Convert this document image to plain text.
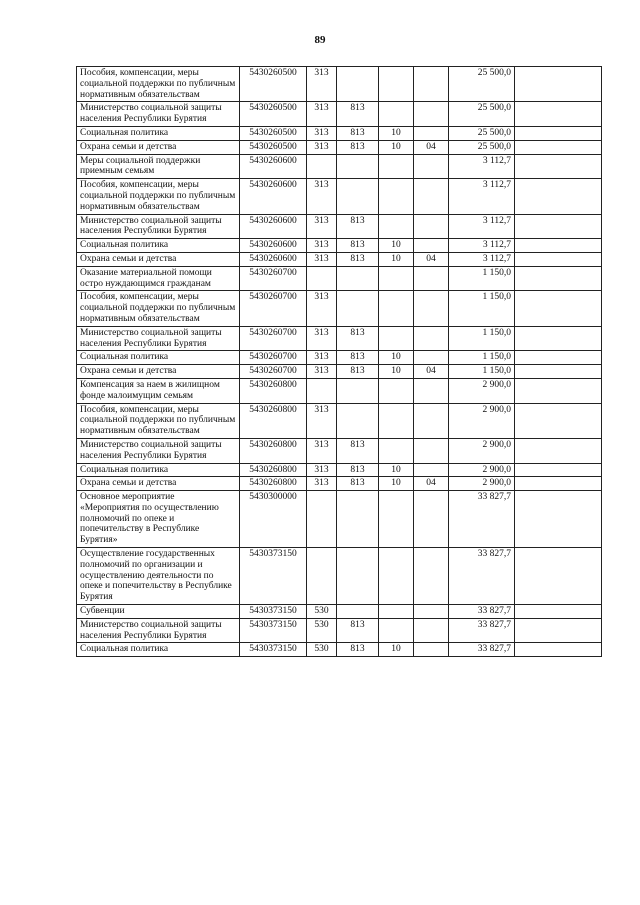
89
Пособия, компенсации, меры социальной поддержки по публичным нормативным обязательствам	5430260500	313				25 500,0	
Министерство социальной защиты населения Республики Бурятия	5430260500	313	813			25 500,0	
Социальная политика	5430260500	313	813	10		25 500,0	
Охрана семьи и детства	5430260500	313	813	10	04	25 500,0	
Меры социальной поддержки приемным семьям	5430260600					3 112,7	
Пособия, компенсации, меры социальной поддержки по публичным нормативным обязательствам	5430260600	313				3 112,7	
Министерство социальной защиты населения Республики Бурятия	5430260600	313	813			3 112,7	
Социальная политика	5430260600	313	813	10		3 112,7	
Охрана семьи и детства	5430260600	313	813	10	04	3 112,7	
Оказание материальной помощи остро нуждающимся гражданам	5430260700					1 150,0	
Пособия, компенсации, меры социальной поддержки по публичным нормативным обязательствам	5430260700	313				1 150,0	
Министерство социальной защиты населения Республики Бурятия	5430260700	313	813			1 150,0	
Социальная политика	5430260700	313	813	10		1 150,0	
Охрана семьи и детства	5430260700	313	813	10	04	1 150,0	
Компенсация за наем в жилищном фонде малоимущим семьям	5430260800					2 900,0	
Пособия, компенсации, меры социальной поддержки по публичным нормативным обязательствам	5430260800	313				2 900,0	
Министерство социальной защиты населения Республики Бурятия	5430260800	313	813			2 900,0	
Социальная политика	5430260800	313	813	10		2 900,0	
Охрана семьи и детства	5430260800	313	813	10	04	2 900,0	
Основное мероприятие «Мероприятия по осуществлению полномочий по опеке и попечительству в Республике Бурятия»	5430300000					33 827,7	
Осуществление государственных полномочий по организации и осуществлению деятельности по опеке и попечительству в Республике Бурятия	5430373150					33 827,7	
Субвенции	5430373150	530				33 827,7	
Министерство социальной защиты населения Республики Бурятия	5430373150	530	813			33 827,7	
Социальная политика	5430373150	530	813	10		33 827,7	
